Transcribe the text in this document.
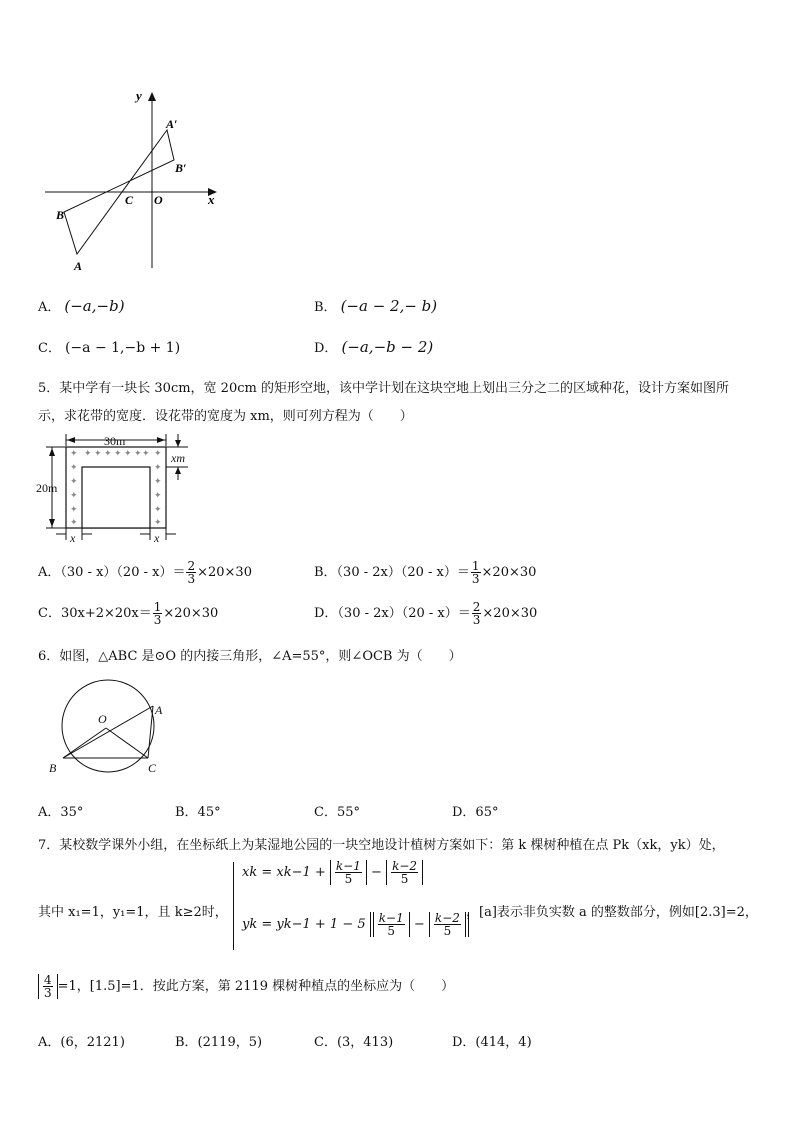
y
x
O
C
A′
B′
B
A
A． (−a,−b)	B． (−a − 2,− b)
C． (−a − 1,−b + 1)	D． (−a,−b − 2)
5．某中学有一块长 30cm，宽 20cm 的矩形空地，该中学计划在这块空地上划出三分之二的区域种花，设计方案如图所
示，求花带的宽度．设花带的宽度为 xm，则可列方程为（　　）
✦
✦
✦
✦
✦
✦
✦
✦
✦
✦
✦
✦
✦ ✦ ✦ ✦ ✦ ✦ ✦
30m
20m
xm
x	x
A．$(30 - x)(20 - x)= \frac{2}{3} \times 20\times 30$	B．$(30 - 2x)(20 - x)= \frac{1}{3} \times 20\times 30$
C．$30x+2\times 20x= \frac{1}{3} \times 20\times 30$	D．$(30 - 2x)(20 - x)= \frac{2}{3} \times 20\times 30$
6．如图，△ABC 是⊙O 的内接三角形，∠A=55°，则∠OCB 为（　　）
O
A
B	C
A．35°	B．45°	C．55°	D．65°
7．某校数学课外小组，在坐标纸上为某湿地公园的一块空地设计植树方案如下：第 k 棵树种植在点 Pk（xk，yk）处，
其中 x₁=1，y₁=1，且 k≥2时，
xk = $xk-1 + \frac{k-1}{5} - \frac{k-2}{5}$
yk = $yk-1 + 1 - 5 \frac{k-1}{5} - \frac{k-2}{5}$ ，[a]表示非负实数 a 的整数部分，例如[2.3]=2，
$\frac{4}{3} =1$，[1.5]=1．按此方案，第 2119 棵树种植点的坐标应为（　　）
A．(6，2121)	B．(2119，5)	C．(3，413)	D．(414，4)
